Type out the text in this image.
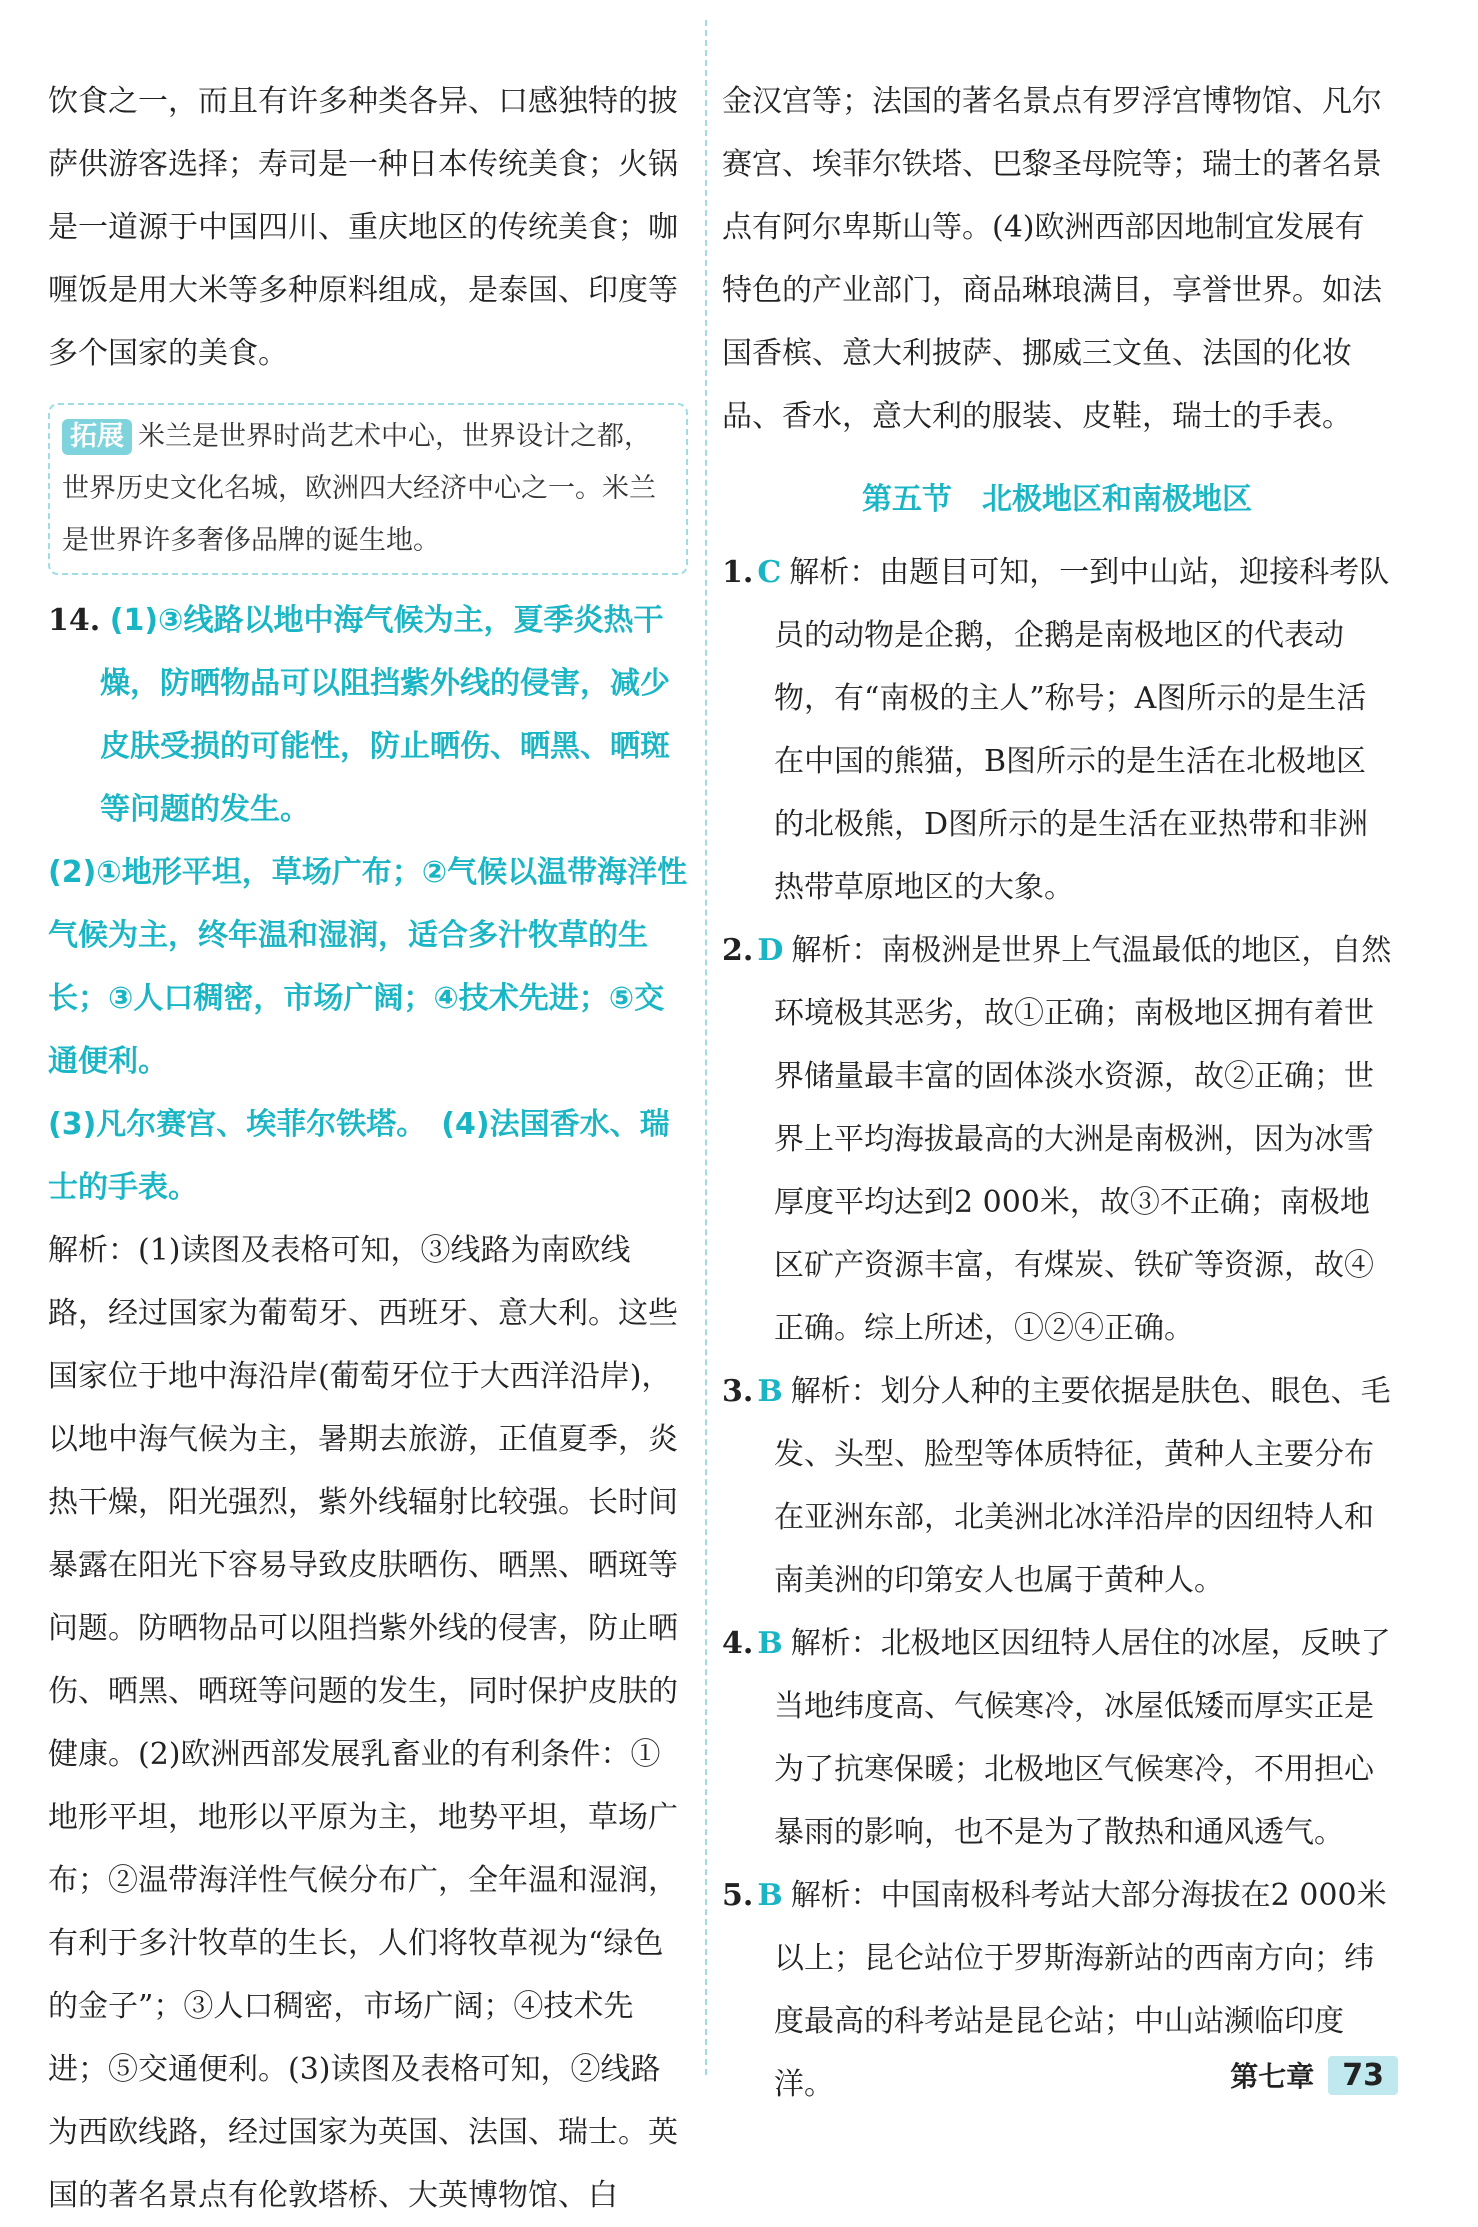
饮食之一，而且有许多种类各异、口感独特的披萨供游客选择；寿司是一种日本传统美食；火锅是一道源于中国四川、重庆地区的传统美食；咖喱饭是用大米等多种原料组成，是泰国、印度等多个国家的美食。

拓展 米兰是世界时尚艺术中心，世界设计之都，世界历史文化名城，欧洲四大经济中心之一。米兰是世界许多奢侈品牌的诞生地。
14. (1)③线路以地中海气候为主，夏季炎热干燥，防晒物品可以阻挡紫外线的侵害，减少皮肤受损的可能性，防止晒伤、晒黑、晒斑等问题的发生。

(2)①地形平坦，草场广布；②气候以温带海洋性气候为主，终年温和湿润，适合多汁牧草的生长；③人口稠密，市场广阔；④技术先进；⑤交通便利。

(3)凡尔赛宫、埃菲尔铁塔。　(4)法国香水、瑞士的手表。

解析：(1)读图及表格可知，③线路为南欧线路，经过国家为葡萄牙、西班牙、意大利。这些国家位于地中海沿岸(葡萄牙位于大西洋沿岸)，以地中海气候为主，暑期去旅游，正值夏季，炎热干燥，阳光强烈，紫外线辐射比较强。长时间暴露在阳光下容易导致皮肤晒伤、晒黑、晒斑等问题。防晒物品可以阻挡紫外线的侵害，防止晒伤、晒黑、晒斑等问题的发生，同时保护皮肤的健康。(2)欧洲西部发展乳畜业的有利条件：①地形平坦，地形以平原为主，地势平坦，草场广布；②温带海洋性气候分布广，全年温和湿润，有利于多汁牧草的生长，人们将牧草视为“绿色的金子”；③人口稠密，市场广阔；④技术先进；⑤交通便利。(3)读图及表格可知，②线路为西欧线路，经过国家为英国、法国、瑞士。英国的著名景点有伦敦塔桥、大英博物馆、白

金汉宫等；法国的著名景点有罗浮宫博物馆、凡尔赛宫、埃菲尔铁塔、巴黎圣母院等；瑞士的著名景点有阿尔卑斯山等。(4)欧洲西部因地制宜发展有特色的产业部门，商品琳琅满目，享誉世界。如法国香槟、意大利披萨、挪威三文鱼、法国的化妆品、香水，意大利的服装、皮鞋，瑞士的手表。

第五节　北极地区和南极地区
1. C 解析：由题目可知，一到中山站，迎接科考队员的动物是企鹅，企鹅是南极地区的代表动物，有“南极的主人”称号；A图所示的是生活在中国的熊猫，B图所示的是生活在北极地区的北极熊，D图所示的是生活在亚热带和非洲热带草原地区的大象。
2. D 解析：南极洲是世界上气温最低的地区，自然环境极其恶劣，故①正确；南极地区拥有着世界储量最丰富的固体淡水资源，故②正确；世界上平均海拔最高的大洲是南极洲，因为冰雪厚度平均达到2 000米，故③不正确；南极地区矿产资源丰富，有煤炭、铁矿等资源，故④正确。综上所述，①②④正确。
3. B 解析：划分人种的主要依据是肤色、眼色、毛发、头型、脸型等体质特征，黄种人主要分布在亚洲东部，北美洲北冰洋沿岸的因纽特人和南美洲的印第安人也属于黄种人。
4. B 解析：北极地区因纽特人居住的冰屋，反映了当地纬度高、气候寒冷，冰屋低矮而厚实正是为了抗寒保暖；北极地区气候寒冷，不用担心暴雨的影响，也不是为了散热和通风透气。
5. B 解析：中国南极科考站大部分海拔在2 000米以上；昆仑站位于罗斯海新站的西南方向；纬度最高的科考站是昆仑站；中山站濒临印度洋。	第七章 73
